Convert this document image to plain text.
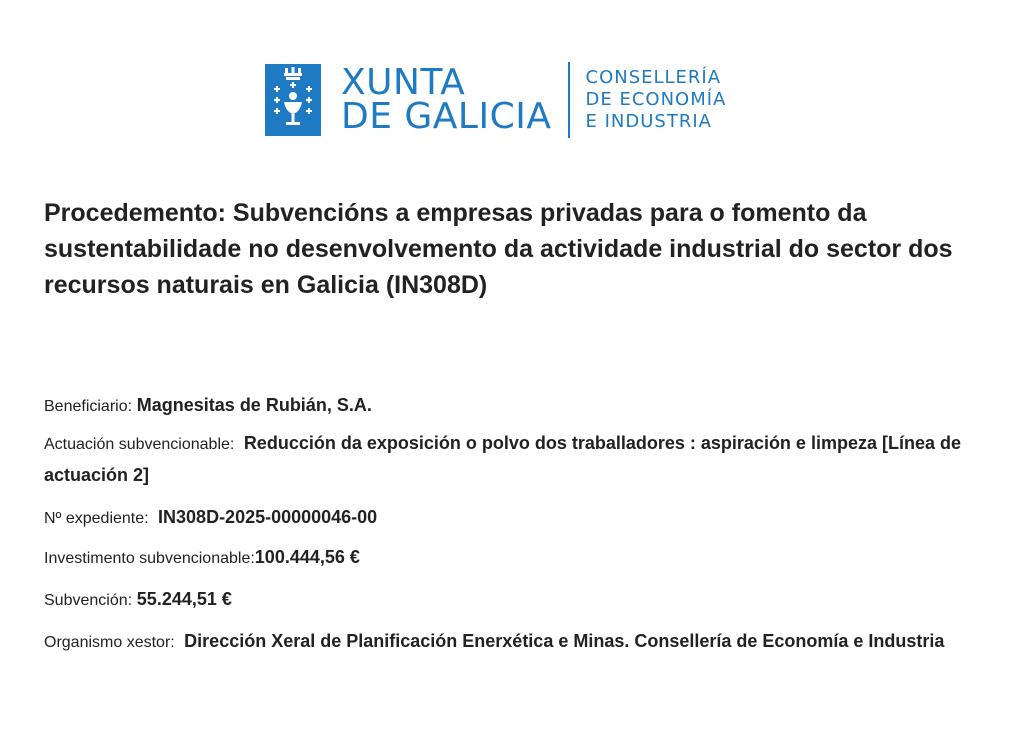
XUNTA
DE GALICIA
CONSELLERÍA
DE ECONOMÍA
E INDUSTRIA
Procedemento: Subvencións a empresas privadas para o fomento da sustentabilidade no desenvolvemento da actividade industrial do sector dos recursos naturais en Galicia (IN308D)

Beneficiario: Magnesitas de Rubián, S.A.

Actuación subvencionable: Reducción da exposición o polvo dos traballadores : aspiración e limpeza [Línea de actuación 2]

Nº expediente: IN308D-2025-00000046-00

Investimento subvencionable:100.444,56 €

Subvención: 55.244,51 €

Organismo xestor: Dirección Xeral de Planificación Enerxética e Minas. Consellería de Economía e Industria
